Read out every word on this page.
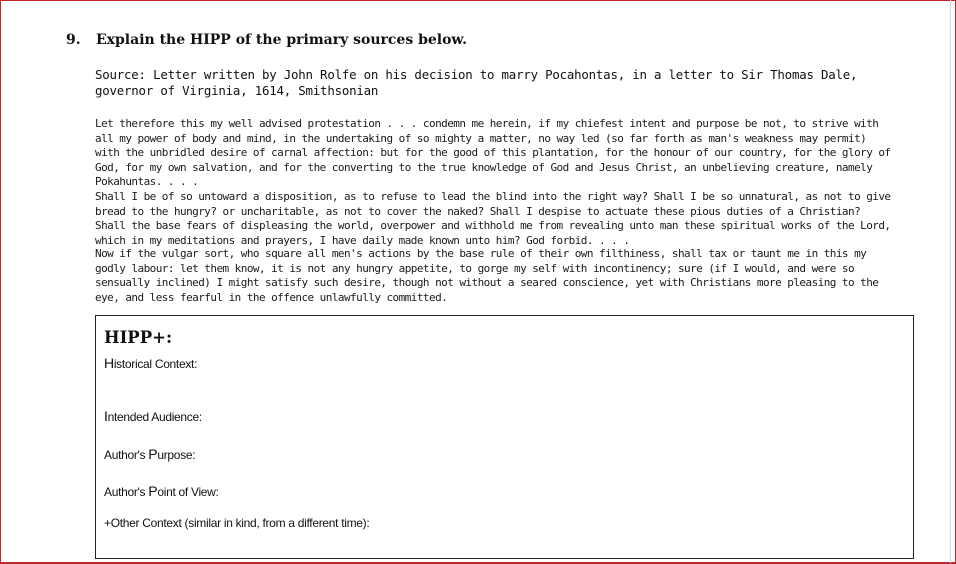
9. Explain the HIPP of the primary sources below.
Source: Letter written by John Rolfe on his decision to marry Pocahontas, in a letter to Sir Thomas Dale, governor of Virginia, 1614, Smithsonian
Let therefore this my well advised protestation . . . condemn me herein, if my chiefest intent and purpose be not, to strive with all my power of body and mind, in the undertaking of so mighty a matter, no way led (so far forth as man's weakness may permit) with the unbridled desire of carnal affection: but for the good of this plantation, for the honour of our country, for the glory of God, for my own salvation, and for the converting to the true knowledge of God and Jesus Christ, an unbelieving creature, namely Pokahuntas. . . .
Shall I be of so untoward a disposition, as to refuse to lead the blind into the right way? Shall I be so unnatural, as not to give bread to the hungry? or uncharitable, as not to cover the naked? Shall I despise to actuate these pious duties of a Christian? Shall the base fears of displeasing the world, overpower and withhold me from revealing unto man these spiritual works of the Lord, which in my meditations and prayers, I have daily made known unto him? God forbid. . . .
Now if the vulgar sort, who square all men's actions by the base rule of their own filthiness, shall tax or taunt me in this my godly labour: let them know, it is not any hungry appetite, to gorge my self with incontinency; sure (if I would, and were so sensually inclined) I might satisfy such desire, though not without a seared conscience, yet with Christians more pleasing to the eye, and less fearful in the offence unlawfully committed.
HIPP+:
Historical Context:
Intended Audience:
Author's Purpose:
Author's Point of View:
+Other Context (similar in kind, from a different time):
